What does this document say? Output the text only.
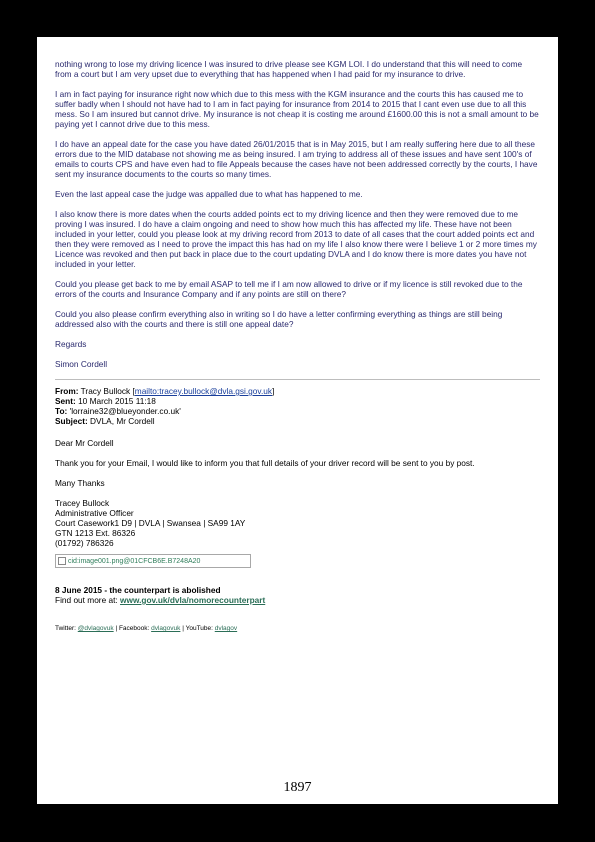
nothing wrong to lose my driving licence I was insured to drive please see KGM LOI. I do understand that this will need to come from a court but I am very upset due to everything that has happened when I had paid for my insurance to drive.

I am in fact paying for insurance right now which due to this mess with the KGM insurance and the courts this has caused me to suffer badly when I should not have had to I am in fact paying for insurance from 2014 to 2015 that I cant even use due to all this mess. So I am insured but cannot drive. My insurance is not cheap it is costing me around £1600.00 this is not a small amount to be paying yet I cannot drive due to this mess.

I do have an appeal date for the case you have dated 26/01/2015 that is in May 2015, but I am really suffering here due to all these errors due to the MID database not showing me as being insured. I am trying to address all of these issues and have sent 100's of emails to courts CPS and have even had to file Appeals because the cases have not been addressed correctly by the courts, I have sent my insurance documents to the courts so many times.

Even the last appeal case the judge was appalled due to what has happened to me.

I also know there is more dates when the courts added points ect to my driving licence and then they were removed due to me proving I was insured. I do have a claim ongoing and need to show how much this has affected my life. These have not been included in your letter, could you please look at my driving record from 2013 to date of all cases that the court added points ect and then they were removed as I need to prove the impact this has had on my life I also know there were I believe 1 or 2 more times my Licence was revoked and then put back in place due to the court updating DVLA and I do know there is more dates you have not included in your letter.

Could you please get back to me by email ASAP to tell me if I am now allowed to drive or if my licence is still revoked due to the errors of the courts and Insurance Company and if any points are still on there?

Could you also please confirm everything also in writing so I do have a letter confirming everything as things are still being addressed also with the courts and there is still one appeal date?

Regards

Simon Cordell

From: Tracy Bullock [mailto:tracey.bullock@dvla.gsi.gov.uk]
Sent: 10 March 2015 11:18
To: 'lorraine32@blueyonder.co.uk'
Subject: DVLA, Mr Cordell

Dear Mr Cordell

Thank you for your Email, I would like to inform you that full details of your driver record will be sent to you by post.

Many Thanks

Tracey Bullock

Administrative Officer

Court Casework1 D9 | DVLA | Swansea | SA99 1AY

GTN 1213 Ext. 86326

(01792) 786326

cid:image001.png@01CFCB6E.B7248A20
8 June 2015 - the counterpart is abolished
Find out more at: www.gov.uk/dvla/nomorecounterpart
Twitter: @dvlagovuk | Facebook: dvlagovuk | YouTube: dvlagov
1897
